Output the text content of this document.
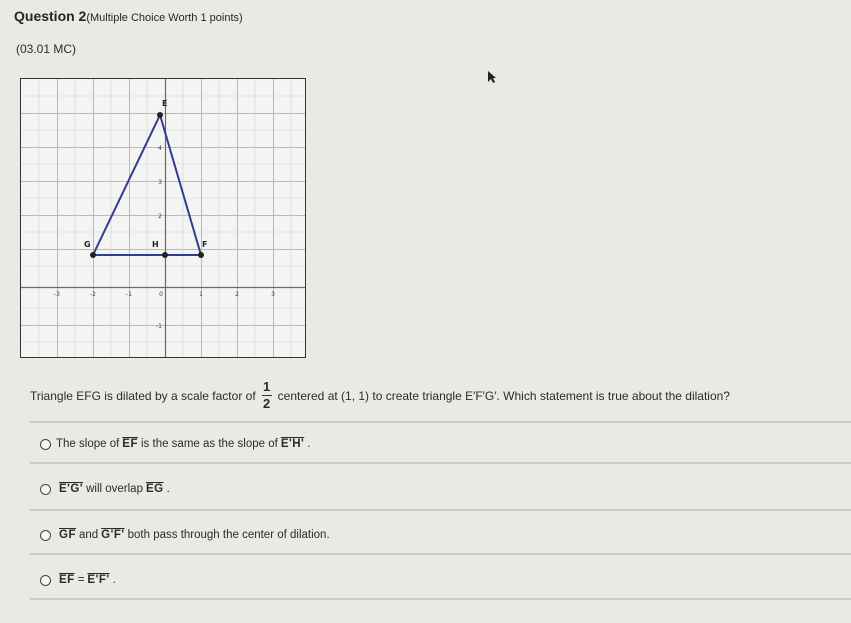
Question 2(Multiple Choice Worth 1 points)
(03.01 MC)
-3	-2	-1	0	1	2	3
4
3
2
-1
E
G	H	F
Triangle EFG is dilated by a scale factor of $\frac{1}{2}$ centered at (1, 1) to create triangle E′F′G′. Which statement is true about the dilation?
The slope of $\overline{EF}$ is the same as the slope of E'H' .
E'G' will overlap $\overline{EG}$ .
$\overline{GF}$ and G'F' both pass through the center of dilation.
$\overline{EF} = E'F'$ .
